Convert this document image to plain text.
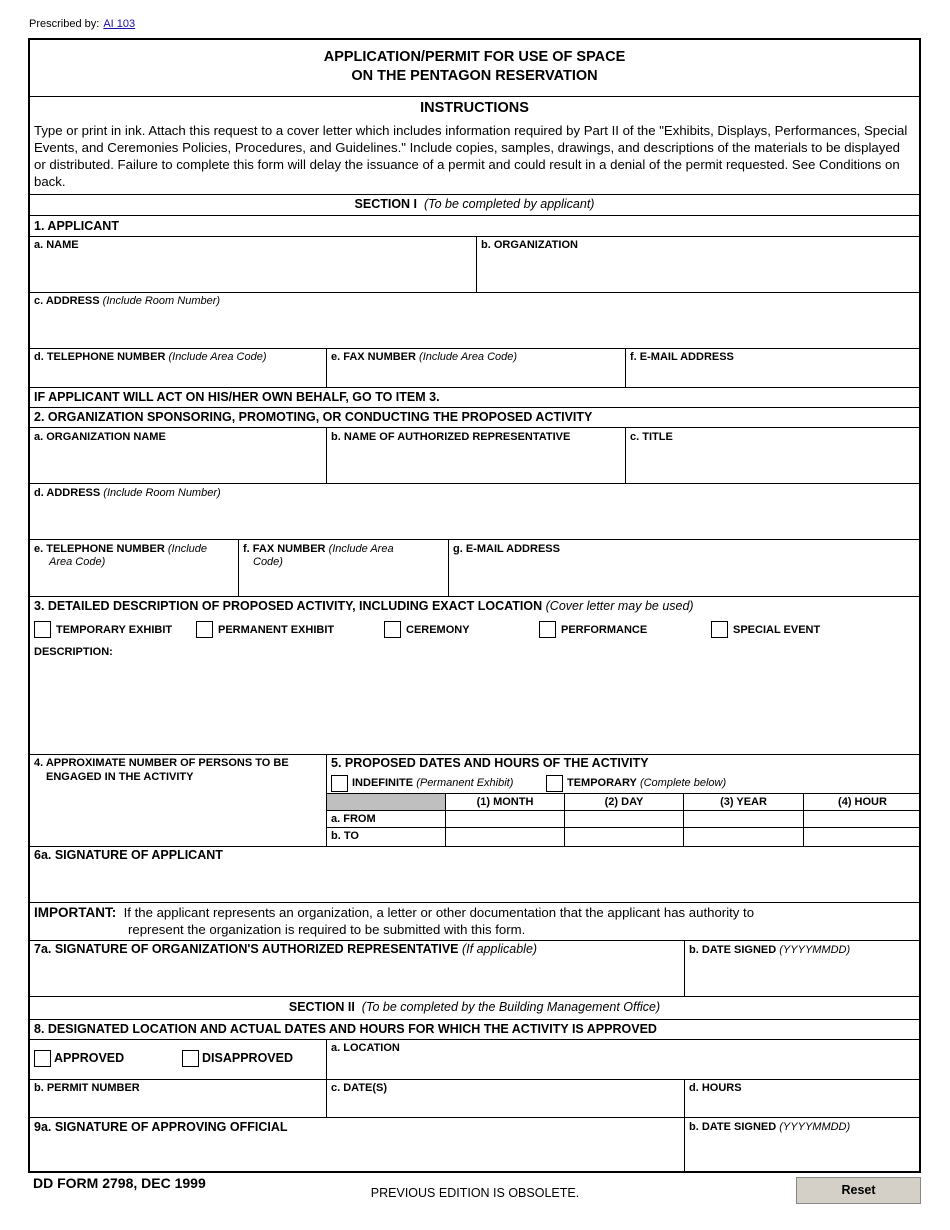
Prescribed by: AI 103
APPLICATION/PERMIT FOR USE OF SPACE
ON THE PENTAGON RESERVATION
INSTRUCTIONS
Type or print in ink. Attach this request to a cover letter which includes information required by Part II of the "Exhibits, Displays, Performances, Special Events, and Ceremonies Policies, Procedures, and Guidelines." Include copies, samples, drawings, and descriptions of the materials to be displayed or distributed. Failure to complete this form will delay the issuance of a permit and could result in a denial of the permit requested. See Conditions on back.
SECTION I (To be completed by applicant)
1. APPLICANT
a. NAME	b. ORGANIZATION
c. ADDRESS (Include Room Number)
d. TELEPHONE NUMBER (Include Area Code)	e. FAX NUMBER (Include Area Code)	f. E-MAIL ADDRESS
IF APPLICANT WILL ACT ON HIS/HER OWN BEHALF, GO TO ITEM 3.
2. ORGANIZATION SPONSORING, PROMOTING, OR CONDUCTING THE PROPOSED ACTIVITY
a. ORGANIZATION NAME	b. NAME OF AUTHORIZED REPRESENTATIVE	c. TITLE
d. ADDRESS (Include Room Number)
e. TELEPHONE NUMBER (Include
Area Code)
f. FAX NUMBER (Include Area
Code)
g. E-MAIL ADDRESS
3. DETAILED DESCRIPTION OF PROPOSED ACTIVITY, INCLUDING EXACT LOCATION (Cover letter may be used)
TEMPORARY EXHIBIT	PERMANENT EXHIBIT	CEREMONY	PERFORMANCE	SPECIAL EVENT
DESCRIPTION:
4. APPROXIMATE NUMBER OF PERSONS TO BE
ENGAGED IN THE ACTIVITY
5. PROPOSED DATES AND HOURS OF THE ACTIVITY
INDEFINITE (Permanent Exhibit)	TEMPORARY (Complete below)
(1) MONTH	(2) DAY	(3) YEAR	(4) HOUR
a. FROM
b. TO
6a. SIGNATURE OF APPLICANT
IMPORTANT: If the applicant represents an organization, a letter or other documentation that the applicant has authority to
represent the organization is required to be submitted with this form.
7a. SIGNATURE OF ORGANIZATION'S AUTHORIZED REPRESENTATIVE (If applicable)	b. DATE SIGNED (YYYYMMDD)
SECTION II (To be completed by the Building Management Office)
8. DESIGNATED LOCATION AND ACTUAL DATES AND HOURS FOR WHICH THE ACTIVITY IS APPROVED
APPROVED	DISAPPROVED
a. LOCATION
b. PERMIT NUMBER	c. DATE(S)	d. HOURS
9a. SIGNATURE OF APPROVING OFFICIAL	b. DATE SIGNED (YYYYMMDD)
DD FORM 2798, DEC 1999
PREVIOUS EDITION IS OBSOLETE.	Reset
